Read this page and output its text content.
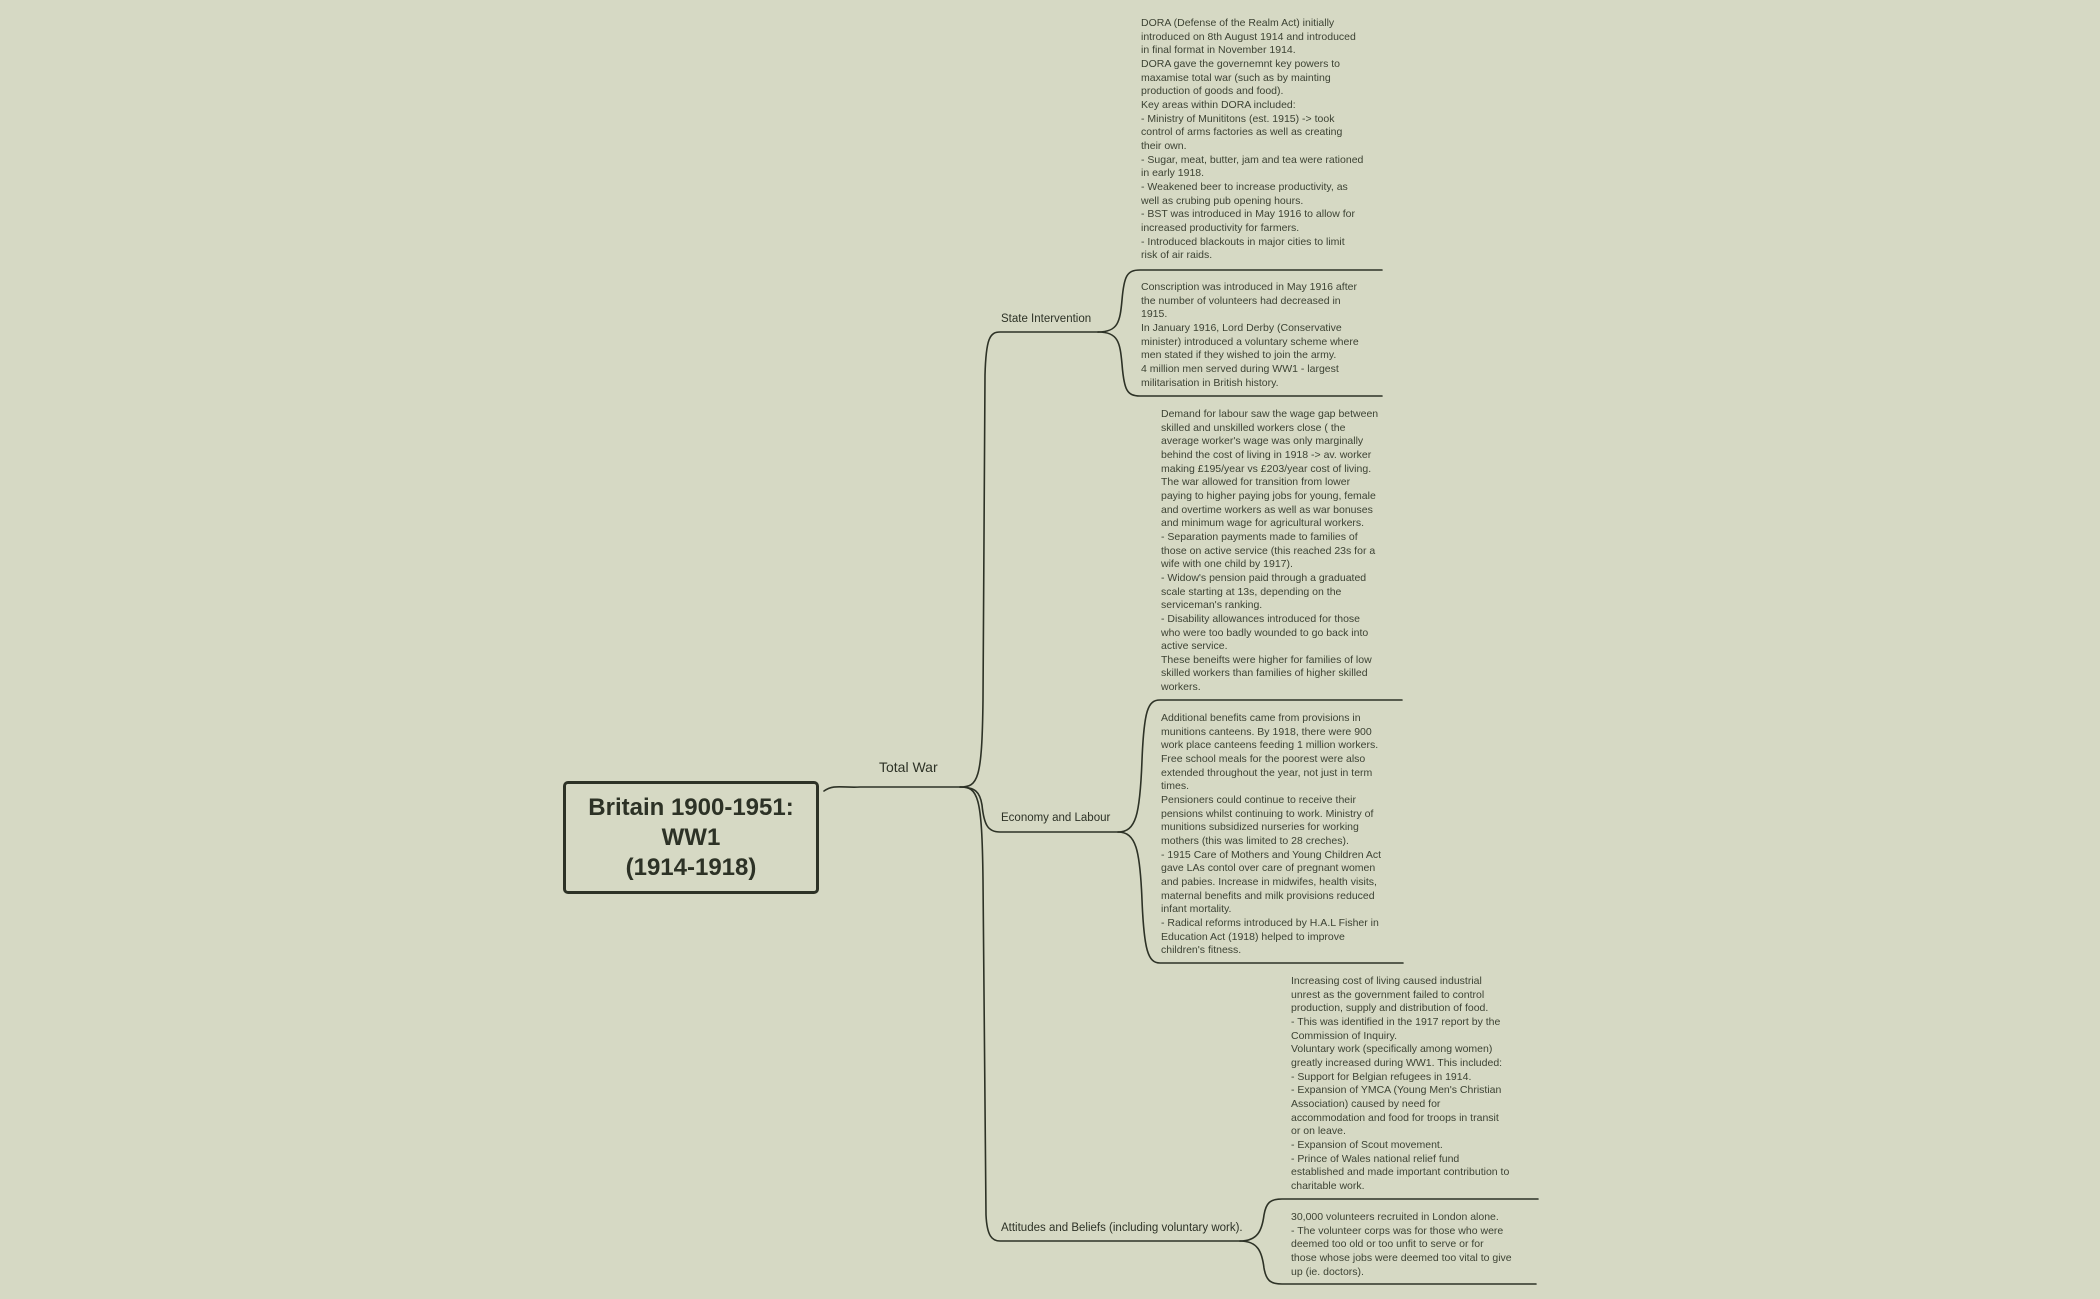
Britain 1900-1951:
WW1
(1914-1918)
Total War
State Intervention
Economy and Labour
Attitudes and Beliefs (including voluntary work).
DORA (Defense of the Realm Act) initially
introduced on 8th August 1914 and introduced
in final format in November 1914.
DORA gave the governemnt key powers to
maxamise total war (such as by mainting
production of goods and food).
Key areas within DORA included:
- Ministry of Munititons (est. 1915) -> took
control of arms factories as well as creating
their own.
- Sugar, meat, butter, jam and tea were rationed
in early 1918.
- Weakened beer to increase productivity, as
well as crubing pub opening hours.
- BST was introduced in May 1916 to allow for
increased productivity for farmers.
- Introduced blackouts in major cities to limit
risk of air raids.
Conscription was introduced in May 1916 after
the number of volunteers had decreased in
1915.
In January 1916, Lord Derby (Conservative
minister) introduced a voluntary scheme where
men stated if they wished to join the army.
4 million men served during WW1 - largest
militarisation in British history.
Demand for labour saw the wage gap between
skilled and unskilled workers close ( the
average worker's wage was only marginally
behind the cost of living in 1918 -> av. worker
making £195/year vs £203/year cost of living.
The war allowed for transition from lower
paying to higher paying jobs for young, female
and overtime workers as well as war bonuses
and minimum wage for agricultural workers.
- Separation payments made to families of
those on active service (this reached 23s for a
wife with one child by 1917).
- Widow's pension paid through a graduated
scale starting at 13s, depending on the
serviceman's ranking.
- Disability allowances introduced for those
who were too badly wounded to go back into
active service.
These beneifts were higher for families of low
skilled workers than families of higher skilled
workers.
Additional benefits came from provisions in
munitions canteens. By 1918, there were 900
work place canteens feeding 1 million workers.
Free school meals for the poorest were also
extended throughout the year, not just in term
times.
Pensioners could continue to receive their
pensions whilst continuing to work. Ministry of
munitions subsidized nurseries for working
mothers (this was limited to 28 creches).
- 1915 Care of Mothers and Young Children Act
gave LAs contol over care of pregnant women
and pabies. Increase in midwifes, health visits,
maternal benefits and milk provisions reduced
infant mortality.
- Radical reforms introduced by H.A.L Fisher in
Education Act (1918) helped to improve
children's fitness.
Increasing cost of living caused industrial
unrest as the government failed to control
production, supply and distribution of food.
- This was identified in the 1917 report by the
Commission of Inquiry.
Voluntary work (specifically among women)
greatly increased during WW1. This included:
- Support for Belgian refugees in 1914.
- Expansion of YMCA (Young Men's Christian
Association) caused by need for
accommodation and food for troops in transit
or on leave.
- Expansion of Scout movement.
- Prince of Wales national relief fund
established and made important contribution to
charitable work.
30,000 volunteers recruited in London alone.
- The volunteer corps was for those who were
deemed too old or too unfit to serve or for
those whose jobs were deemed too vital to give
up (ie. doctors).
